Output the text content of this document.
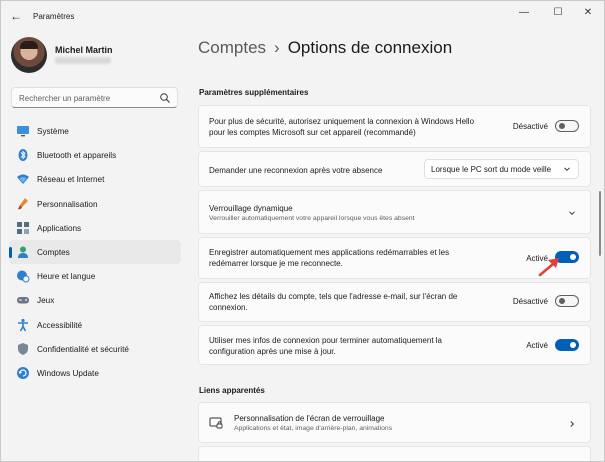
← Paramètres	—	☐	✕
Michel Martin
Rechercher un paramètre
Système
Bluetooth et appareils
Réseau et Internet
Personnalisation
Applications
Comptes
Heure et langue
Jeux
Accessibilité
Confidentialité et sécurité
Windows Update
Comptes › Options de connexion
Paramètres supplémentaires
Pour plus de sécurité, autorisez uniquement la connexion à Windows Hello pour les comptes Microsoft sur cet appareil (recommandé)
Désactivé
Demander une reconnexion après votre absence	Lorsque le PC sort du mode veille
Verrouillage dynamique
Verrouiller automatiquement votre appareil lorsque vous êtes absent
Enregistrer automatiquement mes applications redémarrables et les redémarrer lorsque je me reconnecte.
Activé
Affichez les détails du compte, tels que l'adresse e-mail, sur l'écran de connexion.
Désactivé
Utiliser mes infos de connexion pour terminer automatiquement la configuration après une mise à jour.
Activé
Liens apparentés
Personnalisation de l'écran de verrouillage
Applications et état, image d'arrière-plan, animations
